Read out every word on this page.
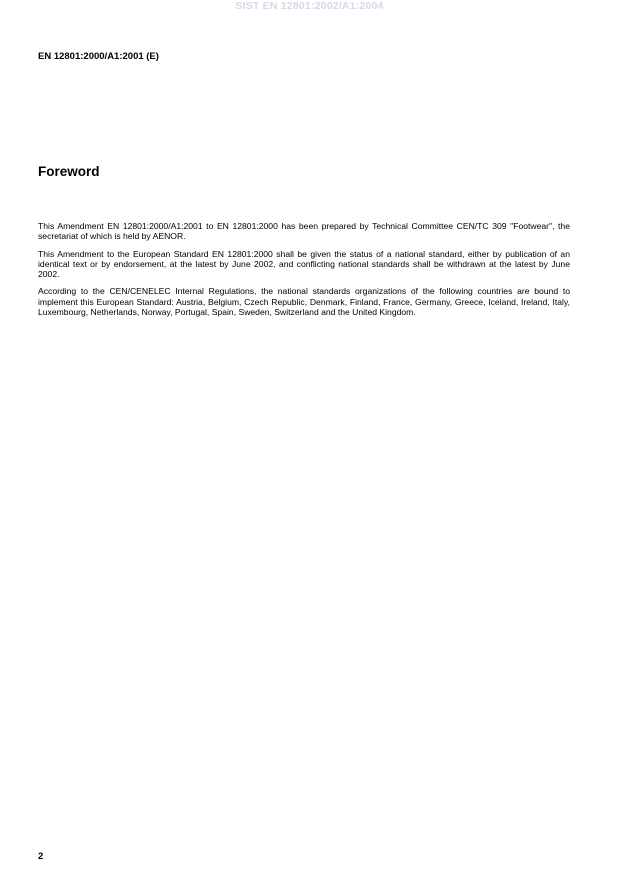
SIST EN 12801:2002/A1:2004
EN 12801:2000/A1:2001 (E)
Foreword

This Amendment EN 12801:2000/A1:2001 to EN 12801:2000 has been prepared by Technical Committee CEN/TC 309 "Footwear", the secretariat of which is held by AENOR.

This Amendment to the European Standard EN 12801:2000 shall be given the status of a national standard, either by publication of an identical text or by endorsement, at the latest by June 2002, and conflicting national standards shall be withdrawn at the latest by June 2002.

According to the CEN/CENELEC Internal Regulations, the national standards organizations of the following countries are bound to implement this European Standard: Austria, Belgium, Czech Republic, Denmark, Finland, France, Germany, Greece, Iceland, Ireland, Italy, Luxembourg, Netherlands, Norway, Portugal, Spain, Sweden, Switzerland and the United Kingdom.

2
